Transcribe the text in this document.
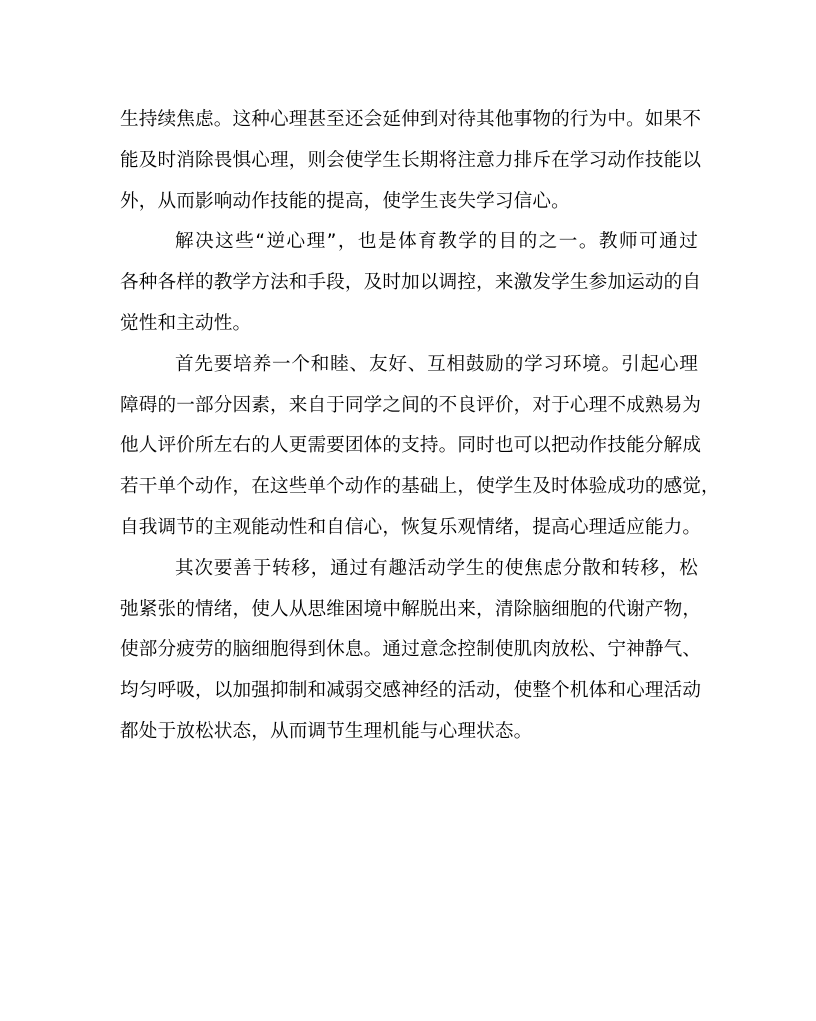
生持续焦虑。这种心理甚至还会延伸到对待其他事物的行为中。如果不
能及时消除畏惧心理，则会使学生长期将注意力排斥在学习动作技能以
外，从而影响动作技能的提高，使学生丧失学习信心。
解决这些“逆心理”，也是体育教学的目的之一。教师可通过
各种各样的教学方法和手段，及时加以调控，来激发学生参加运动的自
觉性和主动性。
首先要培养一个和睦、友好、互相鼓励的学习环境。引起心理
障碍的一部分因素，来自于同学之间的不良评价，对于心理不成熟易为
他人评价所左右的人更需要团体的支持。同时也可以把动作技能分解成
若干单个动作，在这些单个动作的基础上，使学生及时体验成功的感觉，
自我调节的主观能动性和自信心，恢复乐观情绪，提高心理适应能力。
其次要善于转移，通过有趣活动学生的使焦虑分散和转移，松
弛紧张的情绪，使人从思维困境中解脱出来，清除脑细胞的代谢产物，
使部分疲劳的脑细胞得到休息。通过意念控制使肌肉放松、宁神静气、
均匀呼吸，以加强抑制和减弱交感神经的活动，使整个机体和心理活动
都处于放松状态，从而调节生理机能与心理状态。
